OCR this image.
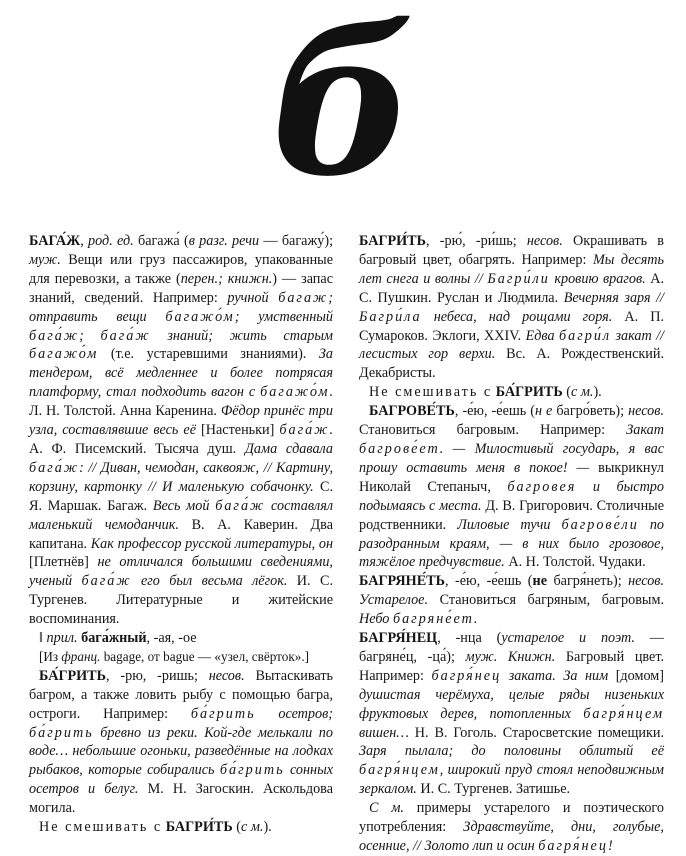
б

БАГА́Ж, род. ед. багажа́ (в разг. речи — багажу́); муж. Вещи или груз пассажиров, упакованные для перевозки, а также (перен.; книжн.) — запас знаний, сведений. Например: ручной багаж; отправить вещи багажо́м; умственный бага́ж; бага́ж знаний; жить старым багажо́м (т.е. устаревшими знаниями). За тендером, всё медленнее и более потрясая платформу, стал подходить вагон с багажо́м. Л. Н. Толстой. Анна Каренина. Фёдор принёс три узла, составлявшие весь её [Настеньки] бага́ж. А. Ф. Писемский. Тысяча душ. Дама сдавала бага́ж: // Диван, чемодан, саквояж, // Картину, корзину, картонку // И маленькую собачонку. С. Я. Маршак. Багаж. Весь мой бага́ж составлял маленький чемоданчик. В. А. Каверин. Два капитана. Как профессор русской литературы, он [Плетнёв] не отличался большими сведениями, ученый бага́ж его был весьма лёгок. И. С. Тургенев. Литературные и житейские воспоминания.

‖ прил. бага́жный, -ая, -ое

[Из франц. bagage, от bague — «узел, свёрток».]

БА́ГРИТЬ, -рю, -ришь; несов. Вытаскивать багром, а также ловить рыбу с помощью багра, остроги. Например: ба́грить осетров; ба́грить бревно из реки. Кой-где мелькали по воде… небольшие огоньки, разведённые на лодках рыбаков, которые собирались ба́грить сонных осетров и белуг. М. Н. Загоскин. Аскольдова могила.

Не смешивать с БАГРИ́ТЬ (с м.).

БАГРИ́ТЬ, -рю́, -ри́шь; несов. Окрашивать в багровый цвет, обагрять. Например: Мы десять лет снега и волны // Багри́ли кровию врагов. А. С. Пушкин. Руслан и Людмила. Вечерняя заря // Багри́ла небеса, над рощами горя. А. П. Сумароков. Эклоги, XXIV. Едва багри́л закат // лесистых гор верхи. Вс. А. Рождественский. Декабристы.

Не смешивать с БА́ГРИТЬ (с м.).

БАГРОВЕ́ТЬ, -е́ю, -е́ешь (н е багро́веть); несов. Становиться багровым. Например: Закат багрове́ет. — Милостивый государь, я вас прошу оставить меня в покое! — выкрикнул Николай Степаныч, багровея и быстро подымаясь с места. Д. В. Григорович. Столичные родственники. Лиловые тучи багрове́ли по разодранным краям, — в них было грозовое, тяжёлое предчувствие. А. Н. Толстой. Чудаки.

БАГРЯНЕ́ТЬ, -е́ю, -е́ешь (не багря́неть); несов. Устарелое. Становиться багряным, багровым. Небо багряне́ет.

БАГРЯ́НЕЦ, -нца (устарелое и поэт. — багряне́ц, -ца́); муж. Книжн. Багровый цвет. Например: багря́нец заката. За ним [домом] душистая черёмуха, целые ряды низеньких фруктовых дерев, потопленных багря́нцем вишен… Н. В. Гоголь. Старосветские помещики. Заря пылала; до половины облитый её багря́нцем, широкий пруд стоял неподвижным зеркалом. И. С. Тургенев. Затишье.

С м. примеры устарелого и поэтического употребления: Здравствуйте, дни, голубые, осенние, // Золото лип и осин багря́нец!
